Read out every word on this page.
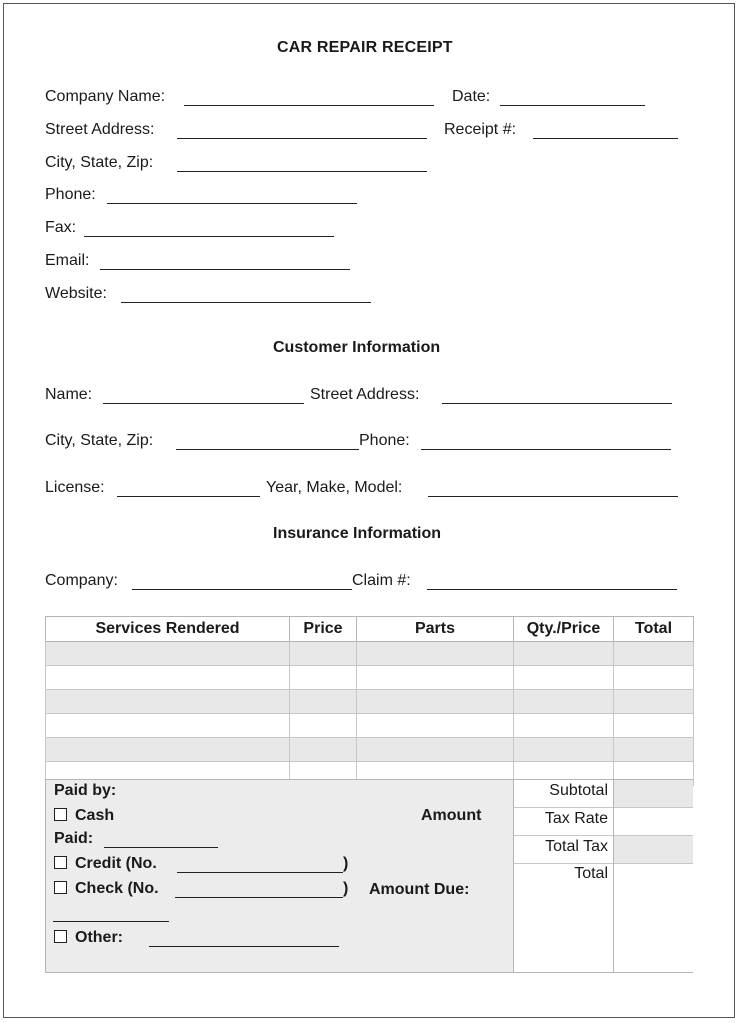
CAR REPAIR RECEIPT
Company Name:	Date:
Street Address:	Receipt #:
City, State, Zip:
Phone:
Fax:
Email:
Website:
Customer Information
Name:	Street Address:
City, State, Zip:	Phone:
License:	Year, Make, Model:
Insurance Information
Company:	Claim #:
Services Rendered	Price	Parts	Qty./Price	Total

Paid by:
Cash	Amount
Paid:
Credit (No.	)
Check (No.	) Amount Due:
Other:
Subtotal
Tax Rate
Total Tax
Total
